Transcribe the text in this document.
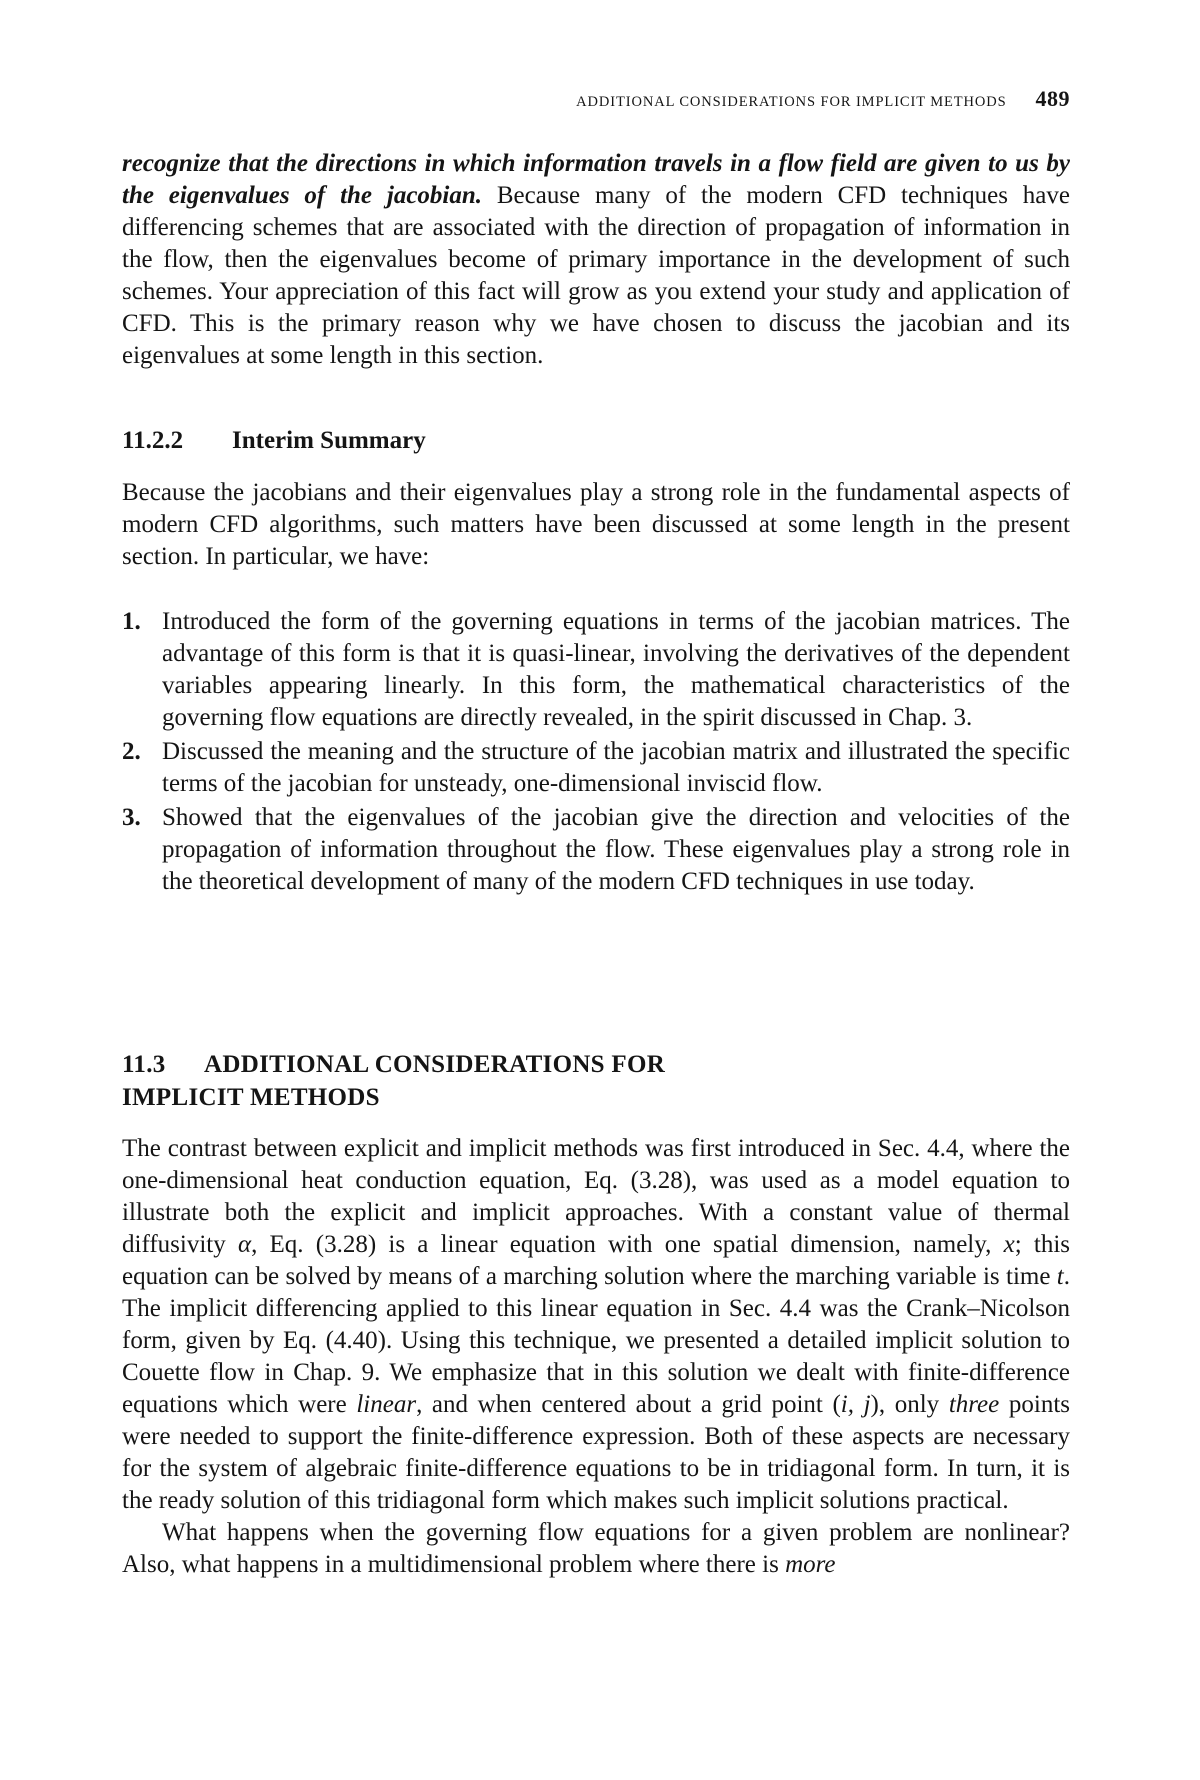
ADDITIONAL CONSIDERATIONS FOR IMPLICIT METHODS 489

recognize that the directions in which information travels in a flow field are given to us by the eigenvalues of the jacobian. Because many of the modern CFD techniques have differencing schemes that are associated with the direction of propagation of information in the flow, then the eigenvalues become of primary importance in the development of such schemes. Your appreciation of this fact will grow as you extend your study and application of CFD. This is the primary reason why we have chosen to discuss the jacobian and its eigenvalues at some length in this section.

11.2.2 Interim Summary

Because the jacobians and their eigenvalues play a strong role in the fundamental aspects of modern CFD algorithms, such matters have been discussed at some length in the present section. In particular, we have:

1. Introduced the form of the governing equations in terms of the jacobian matrices. The advantage of this form is that it is quasi-linear, involving the derivatives of the dependent variables appearing linearly. In this form, the mathematical characteristics of the governing flow equations are directly revealed, in the spirit discussed in Chap. 3.
2. Discussed the meaning and the structure of the jacobian matrix and illustrated the specific terms of the jacobian for unsteady, one-dimensional inviscid flow.
3. Showed that the eigenvalues of the jacobian give the direction and velocities of the propagation of information throughout the flow. These eigenvalues play a strong role in the theoretical development of many of the modern CFD techniques in use today.
11.3 ADDITIONAL CONSIDERATIONS FOR
IMPLICIT METHODS

The contrast between explicit and implicit methods was first introduced in Sec. 4.4, where the one-dimensional heat conduction equation, Eq. (3.28), was used as a model equation to illustrate both the explicit and implicit approaches. With a constant value of thermal diffusivity α, Eq. (3.28) is a linear equation with one spatial dimension, namely, x; this equation can be solved by means of a marching solution where the marching variable is time t. The implicit differencing applied to this linear equation in Sec. 4.4 was the Crank–Nicolson form, given by Eq. (4.40). Using this technique, we presented a detailed implicit solution to Couette flow in Chap. 9. We emphasize that in this solution we dealt with finite-difference equations which were linear, and when centered about a grid point (i, j), only three points were needed to support the finite-difference expression. Both of these aspects are necessary for the system of algebraic finite-difference equations to be in tridiagonal form. In turn, it is the ready solution of this tridiagonal form which makes such implicit solutions practical.

What happens when the governing flow equations for a given problem are nonlinear? Also, what happens in a multidimensional problem where there is more
